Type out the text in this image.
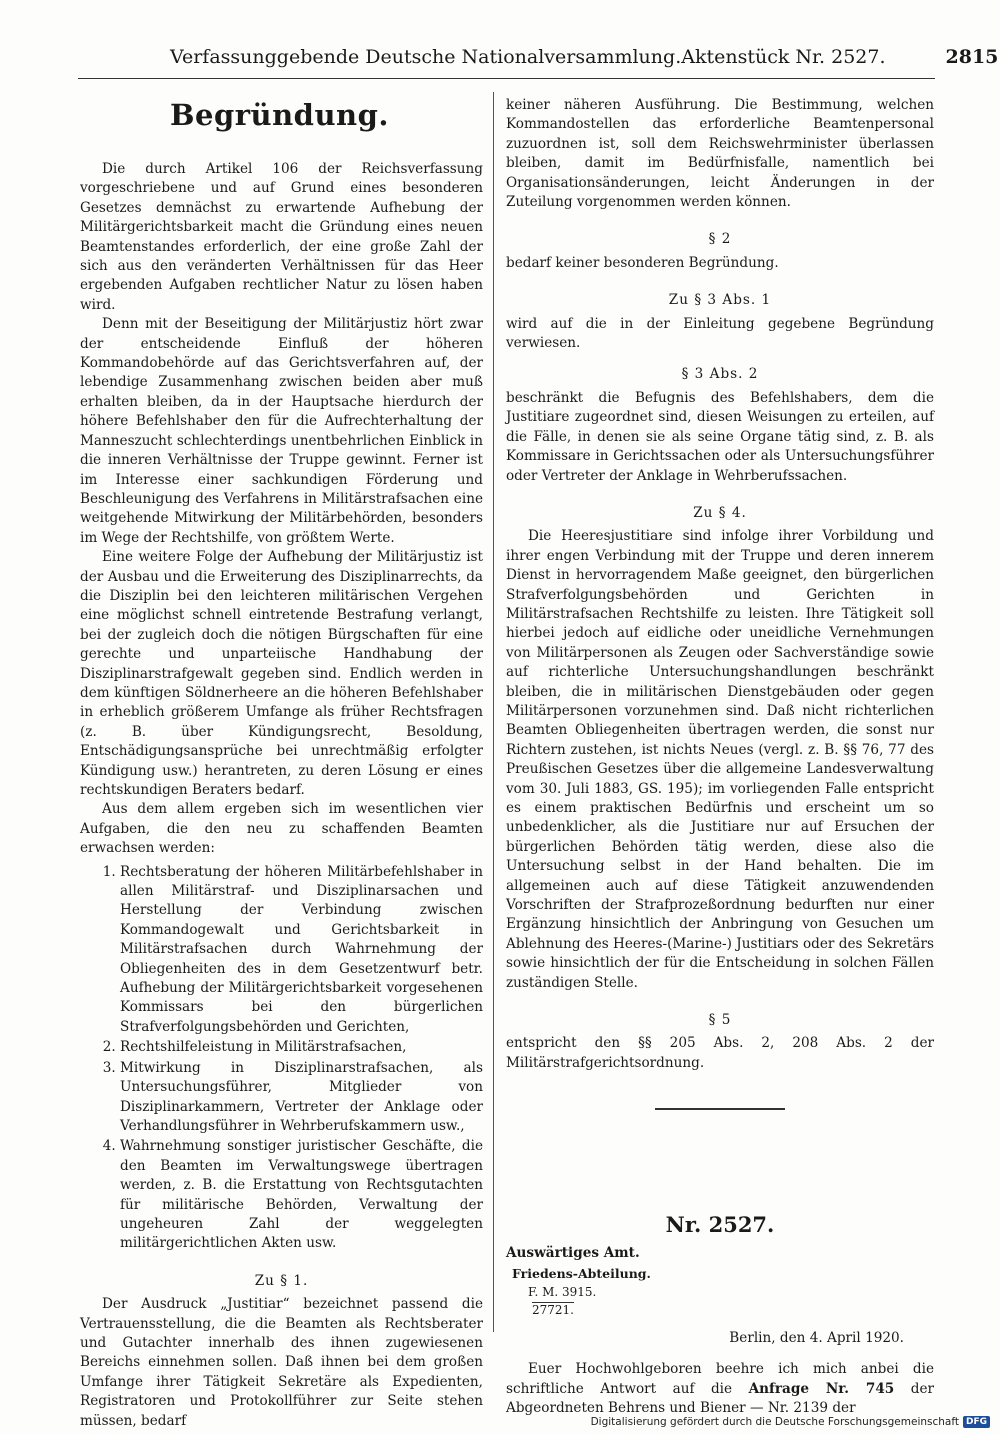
Verfassunggebende Deutsche Nationalversammlung. Aktenstück Nr. 2527.	2815
Begründung.

Die durch Artikel 106 der Reichsverfassung vorgeschriebene und auf Grund eines besonderen Gesetzes demnächst zu erwartende Aufhebung der Militärgerichtsbarkeit macht die Gründung eines neuen Beamtenstandes erforderlich, der eine große Zahl der sich aus den veränderten Verhältnissen für das Heer ergebenden Aufgaben rechtlicher Natur zu lösen haben wird.

Denn mit der Beseitigung der Militärjustiz hört zwar der entscheidende Einfluß der höheren Kommandobehörde auf das Gerichtsverfahren auf, der lebendige Zusammenhang zwischen beiden aber muß erhalten bleiben, da in der Hauptsache hierdurch der höhere Befehlshaber den für die Aufrechterhaltung der Manneszucht schlechterdings unentbehrlichen Einblick in die inneren Verhältnisse der Truppe gewinnt. Ferner ist im Interesse einer sachkundigen Förderung und Beschleunigung des Verfahrens in Militärstrafsachen eine weitgehende Mitwirkung der Militärbehörden, besonders im Wege der Rechtshilfe, von größtem Werte.

Eine weitere Folge der Aufhebung der Militärjustiz ist der Ausbau und die Erweiterung des Disziplinarrechts, da die Disziplin bei den leichteren militärischen Vergehen eine möglichst schnell eintretende Bestrafung verlangt, bei der zugleich doch die nötigen Bürgschaften für eine gerechte und unparteiische Handhabung der Disziplinarstrafgewalt gegeben sind. Endlich werden in dem künftigen Söldnerheere an die höheren Befehlshaber in erheblich größerem Umfange als früher Rechtsfragen (z. B. über Kündigungsrecht, Besoldung, Entschädigungsansprüche bei unrechtmäßig erfolgter Kündigung usw.) herantreten, zu deren Lösung er eines rechtskundigen Beraters bedarf.

Aus dem allem ergeben sich im wesentlichen vier Aufgaben, die den neu zu schaffenden Beamten erwachsen werden:

1. Rechtsberatung der höheren Militärbefehlshaber in allen Militärstraf- und Disziplinarsachen und Herstellung der Verbindung zwischen Kommandogewalt und Gerichtsbarkeit in Militärstrafsachen durch Wahrnehmung der Obliegenheiten des in dem Gesetzentwurf betr. Aufhebung der Militärgerichtsbarkeit vorgesehenen Kommissars bei den bürgerlichen Strafverfolgungsbehörden und Gerichten,
2. Rechtshilfeleistung in Militärstrafsachen,
3. Mitwirkung in Disziplinarstrafsachen, als Untersuchungsführer, Mitglieder von Disziplinarkammern, Vertreter der Anklage oder Verhandlungsführer in Wehrberufskammern usw.,
4. Wahrnehmung sonstiger juristischer Geschäfte, die den Beamten im Verwaltungswege übertragen werden, z. B. die Erstattung von Rechtsgutachten für militärische Behörden, Verwaltung der ungeheuren Zahl der weggelegten militärgerichtlichen Akten usw.
Zu § 1.

Der Ausdruck „Justitiar“ bezeichnet passend die Vertrauensstellung, die die Beamten als Rechtsberater und Gutachter innerhalb des ihnen zugewiesenen Bereichs einnehmen sollen. Daß ihnen bei dem großen Umfange ihrer Tätigkeit Sekretäre als Expedienten, Registratoren und Protokollführer zur Seite stehen müssen, bedarf

keiner näheren Ausführung. Die Bestimmung, welchen Kommandostellen das erforderliche Beamtenpersonal zuzuordnen ist, soll dem Reichswehrminister überlassen bleiben, damit im Bedürfnisfalle, namentlich bei Organisationsänderungen, leicht Änderungen in der Zuteilung vorgenommen werden können.

§ 2

bedarf keiner besonderen Begründung.

Zu § 3 Abs. 1

wird auf die in der Einleitung gegebene Begründung verwiesen.

§ 3 Abs. 2

beschränkt die Befugnis des Befehlshabers, dem die Justitiare zugeordnet sind, diesen Weisungen zu erteilen, auf die Fälle, in denen sie als seine Organe tätig sind, z. B. als Kommissare in Gerichtssachen oder als Untersuchungsführer oder Vertreter der Anklage in Wehrberufssachen.

Zu § 4.

Die Heeresjustitiare sind infolge ihrer Vorbildung und ihrer engen Verbindung mit der Truppe und deren innerem Dienst in hervorragendem Maße geeignet, den bürgerlichen Strafverfolgungsbehörden und Gerichten in Militärstrafsachen Rechtshilfe zu leisten. Ihre Tätigkeit soll hierbei jedoch auf eidliche oder uneidliche Vernehmungen von Militärpersonen als Zeugen oder Sachverständige sowie auf richterliche Untersuchungshandlungen beschränkt bleiben, die in militärischen Dienstgebäuden oder gegen Militärpersonen vorzunehmen sind. Daß nicht richterlichen Beamten Obliegenheiten übertragen werden, die sonst nur Richtern zustehen, ist nichts Neues (vergl. z. B. §§ 76, 77 des Preußischen Gesetzes über die allgemeine Landesverwaltung vom 30. Juli 1883, GS. 195); im vorliegenden Falle entspricht es einem praktischen Bedürfnis und erscheint um so unbedenklicher, als die Justitiare nur auf Ersuchen der bürgerlichen Behörden tätig werden, diese also die Untersuchung selbst in der Hand behalten. Die im allgemeinen auch auf diese Tätigkeit anzuwendenden Vorschriften der Strafprozeßordnung bedurften nur einer Ergänzung hinsichtlich der Anbringung von Gesuchen um Ablehnung des Heeres-(Marine-) Justitiars oder des Sekretärs sowie hinsichtlich der für die Entscheidung in solchen Fällen zuständigen Stelle.

§ 5

entspricht den §§ 205 Abs. 2, 208 Abs. 2 der Militärstrafgerichtsordnung.

Nr. 2527.
Auswärtiges Amt.
Friedens-Abteilung.
F. M. 3915.
27721.
Berlin, den 4. April 1920.

Euer Hochwohlgeboren beehre ich mich anbei die schriftliche Antwort auf die Anfrage Nr. 745 der Abgeordneten Behrens und Biener — Nr. 2139 der

Digitalisierung gefördert durch die Deutsche Forschungsgemeinschaft DFG
